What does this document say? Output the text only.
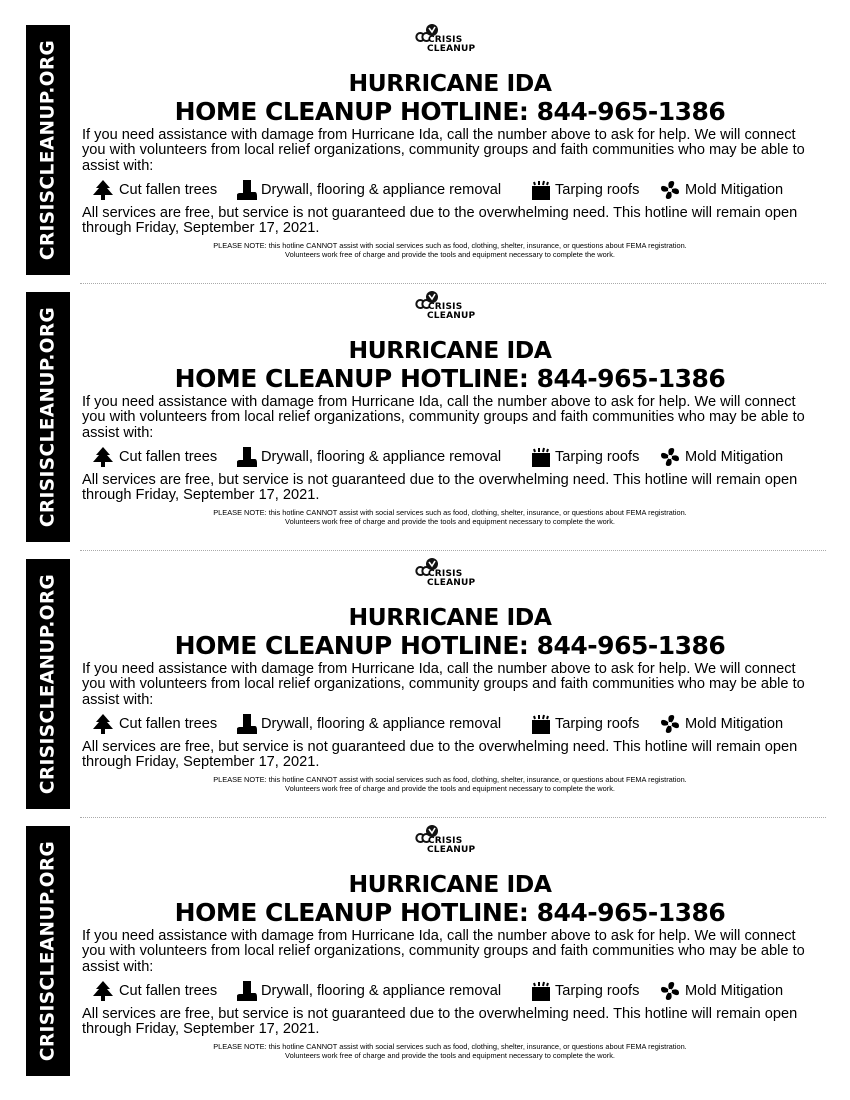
CRISISCLEANUP.ORG	CRISIS
CLEANUP
HURRICANE IDA
HOME CLEANUP HOTLINE: 844-965-1386
If you need assistance with damage from Hurricane Ida, call the number above to ask for help. We will connect you with volunteers from local relief organizations, community groups and faith communities who may be able to assist with:
Cut fallen trees	Drywall, flooring & appliance removal	Tarping roofs	Mold Mitigation
All services are free, but service is not guaranteed due to the overwhelming need. This hotline will remain open through Friday, September 17, 2021.
PLEASE NOTE: this hotline CANNOT assist with social services such as food, clothing, shelter, insurance, or questions about FEMA registration.
Volunteers work free of charge and provide the tools and equipment necessary to complete the work.
CRISISCLEANUP.ORG	CRISIS
CLEANUP
HURRICANE IDA
HOME CLEANUP HOTLINE: 844-965-1386
If you need assistance with damage from Hurricane Ida, call the number above to ask for help. We will connect you with volunteers from local relief organizations, community groups and faith communities who may be able to assist with:
Cut fallen trees	Drywall, flooring & appliance removal	Tarping roofs	Mold Mitigation
All services are free, but service is not guaranteed due to the overwhelming need. This hotline will remain open through Friday, September 17, 2021.
PLEASE NOTE: this hotline CANNOT assist with social services such as food, clothing, shelter, insurance, or questions about FEMA registration.
Volunteers work free of charge and provide the tools and equipment necessary to complete the work.
CRISISCLEANUP.ORG	CRISIS
CLEANUP
HURRICANE IDA
HOME CLEANUP HOTLINE: 844-965-1386
If you need assistance with damage from Hurricane Ida, call the number above to ask for help. We will connect you with volunteers from local relief organizations, community groups and faith communities who may be able to assist with:
Cut fallen trees	Drywall, flooring & appliance removal	Tarping roofs	Mold Mitigation
All services are free, but service is not guaranteed due to the overwhelming need. This hotline will remain open through Friday, September 17, 2021.
PLEASE NOTE: this hotline CANNOT assist with social services such as food, clothing, shelter, insurance, or questions about FEMA registration.
Volunteers work free of charge and provide the tools and equipment necessary to complete the work.
CRISISCLEANUP.ORG	CRISIS
CLEANUP
HURRICANE IDA
HOME CLEANUP HOTLINE: 844-965-1386
If you need assistance with damage from Hurricane Ida, call the number above to ask for help. We will connect you with volunteers from local relief organizations, community groups and faith communities who may be able to assist with:
Cut fallen trees	Drywall, flooring & appliance removal	Tarping roofs	Mold Mitigation
All services are free, but service is not guaranteed due to the overwhelming need. This hotline will remain open through Friday, September 17, 2021.
PLEASE NOTE: this hotline CANNOT assist with social services such as food, clothing, shelter, insurance, or questions about FEMA registration.
Volunteers work free of charge and provide the tools and equipment necessary to complete the work.
